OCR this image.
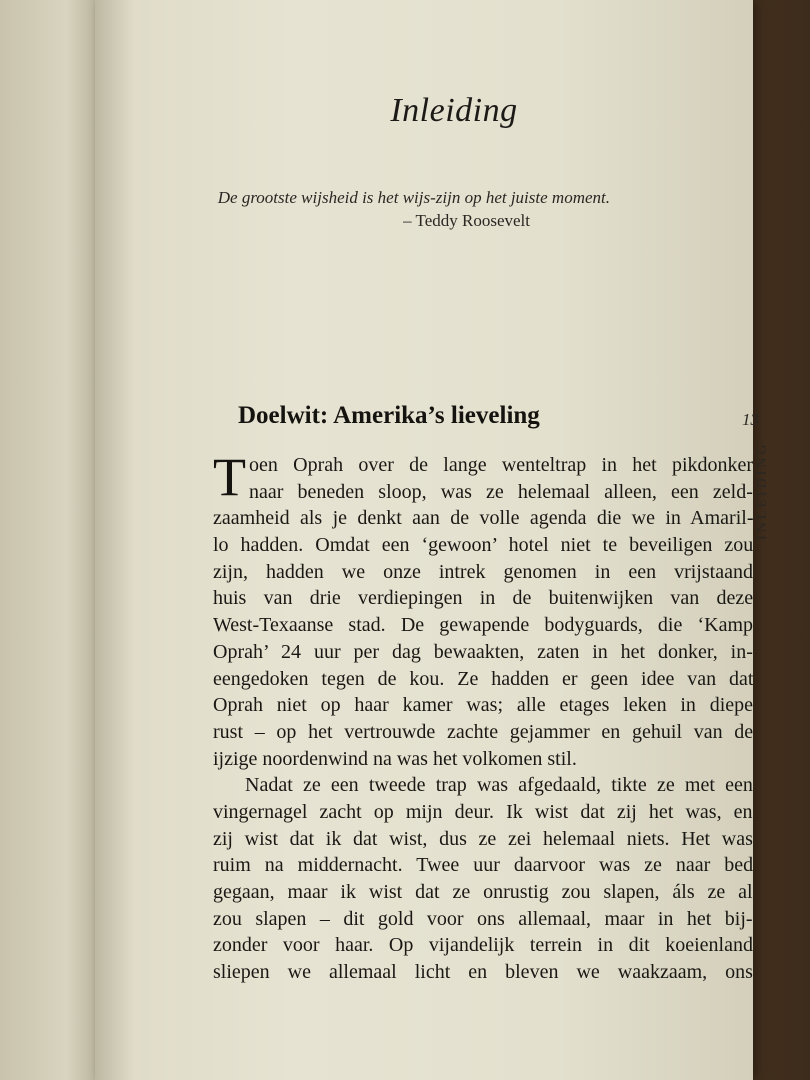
Inleiding
De grootste wijsheid is het wijs-zijn op het juiste moment.
– Teddy Roosevelt
Doelwit: Amerika’s lieveling	13
INLEIDING
T oen Oprah over de lange wenteltrap in het pikdonker
naar beneden sloop, was ze helemaal alleen, een zeld-
zaamheid als je denkt aan de volle agenda die we in Amaril-
lo hadden. Omdat een ‘gewoon’ hotel niet te beveiligen zou
zijn, hadden we onze intrek genomen in een vrijstaand
huis van drie verdiepingen in de buitenwijken van deze
West-Texaanse stad. De gewapende bodyguards, die ‘Kamp
Oprah’ 24 uur per dag bewaakten, zaten in het donker, in-
eengedoken tegen de kou. Ze hadden er geen idee van dat
Oprah niet op haar kamer was; alle etages leken in diepe
rust – op het vertrouwde zachte gejammer en gehuil van de
ijzige noordenwind na was het volkomen stil.
Nadat ze een tweede trap was afgedaald, tikte ze met een
vingernagel zacht op mijn deur. Ik wist dat zij het was, en
zij wist dat ik dat wist, dus ze zei helemaal niets. Het was
ruim na middernacht. Twee uur daarvoor was ze naar bed
gegaan, maar ik wist dat ze onrustig zou slapen, áls ze al
zou slapen – dit gold voor ons allemaal, maar in het bij-
zonder voor haar. Op vijandelijk terrein in dit koeienland
sliepen we allemaal licht en bleven we waakzaam, ons
